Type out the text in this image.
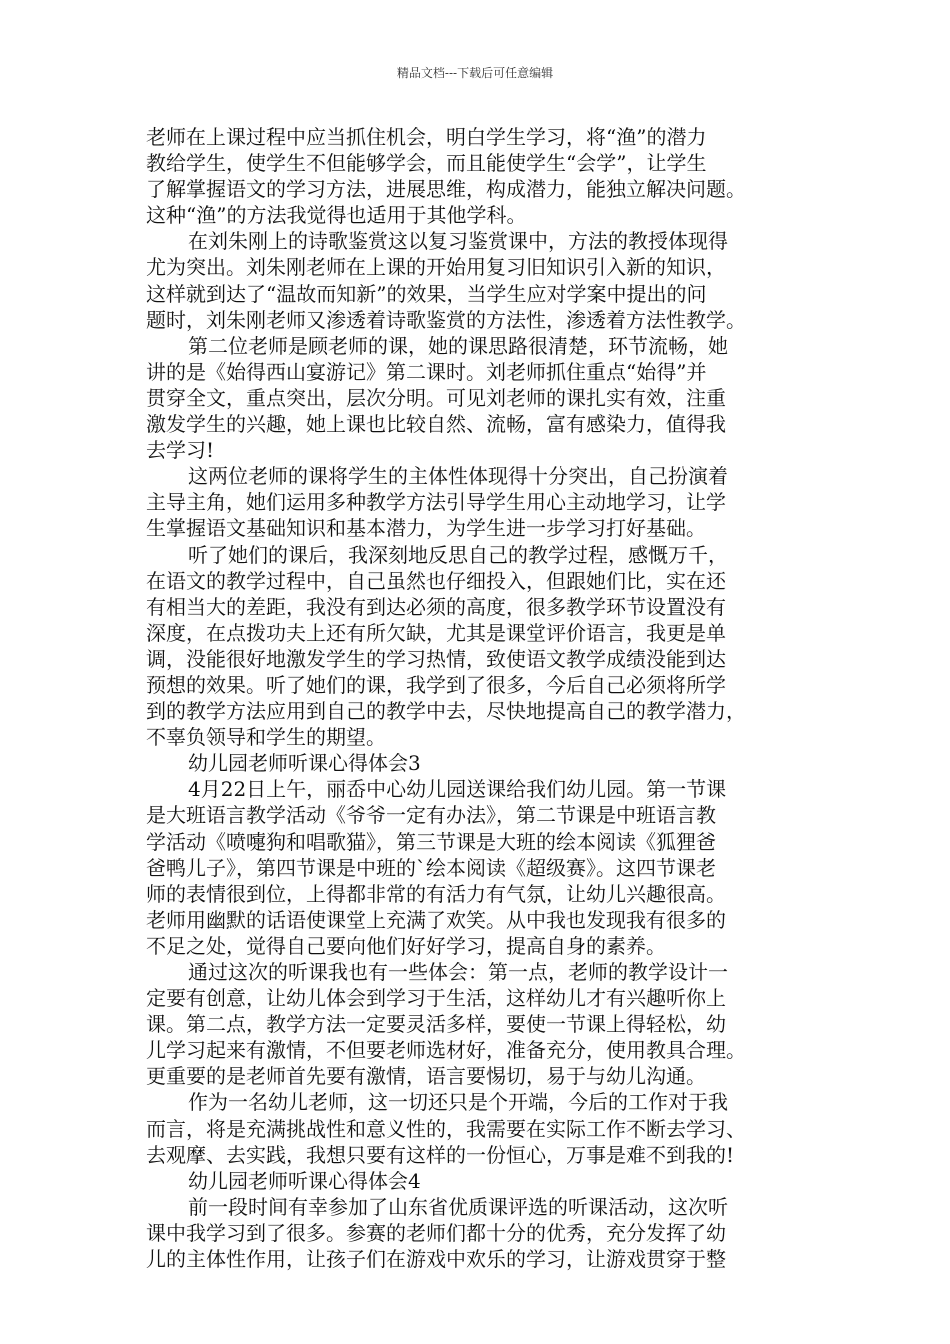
精品文档---下载后可任意编辑
老师在上课过程中应当抓住机会，明白学生学习，将“渔”的潜力
教给学生，使学生不但能够学会，而且能使学生“会学”，让学生
了解掌握语文的学习方法，进展思维，构成潜力，能独立解决问题。
这种“渔”的方法我觉得也适用于其他学科。
在刘朱刚上的诗歌鉴赏这以复习鉴赏课中，方法的教授体现得
尤为突出。刘朱刚老师在上课的开始用复习旧知识引入新的知识，
这样就到达了“温故而知新”的效果，当学生应对学案中提出的问
题时，刘朱刚老师又渗透着诗歌鉴赏的方法性，渗透着方法性教学。
第二位老师是顾老师的课，她的课思路很清楚，环节流畅，她
讲的是《始得西山宴游记》第二课时。刘老师抓住重点“始得”并
贯穿全文，重点突出，层次分明。可见刘老师的课扎实有效，注重
激发学生的兴趣，她上课也比较自然、流畅，富有感染力，值得我
去学习!
这两位老师的课将学生的主体性体现得十分突出，自己扮演着
主导主角，她们运用多种教学方法引导学生用心主动地学习，让学
生掌握语文基础知识和基本潜力，为学生进一步学习打好基础。
听了她们的课后，我深刻地反思自己的教学过程，感慨万千，
在语文的教学过程中，自己虽然也仔细投入，但跟她们比，实在还
有相当大的差距，我没有到达必须的高度，很多教学环节设置没有
深度，在点拨功夫上还有所欠缺，尤其是课堂评价语言，我更是单
调，没能很好地激发学生的学习热情，致使语文教学成绩没能到达
预想的效果。听了她们的课，我学到了很多，今后自己必须将所学
到的教学方法应用到自己的教学中去，尽快地提高自己的教学潜力，
不辜负领导和学生的期望。
幼儿园老师听课心得体会3
4月22日上午，丽岙中心幼儿园送课给我们幼儿园。第一节课
是大班语言教学活动《爷爷一定有办法》，第二节课是中班语言教
学活动《喷嚏狗和唱歌猫》，第三节课是大班的绘本阅读《狐狸爸
爸鸭儿子》，第四节课是中班的`绘本阅读《超级赛》。这四节课老
师的表情很到位，上得都非常的有活力有气氛，让幼儿兴趣很高。
老师用幽默的话语使课堂上充满了欢笑。从中我也发现我有很多的
不足之处，觉得自己要向他们好好学习，提高自身的素养。
通过这次的听课我也有一些体会：第一点，老师的教学设计一
定要有创意，让幼儿体会到学习于生活，这样幼儿才有兴趣听你上
课。第二点，教学方法一定要灵活多样，要使一节课上得轻松，幼
儿学习起来有激情，不但要老师选材好，准备充分，使用教具合理。
更重要的是老师首先要有激情，语言要惕切，易于与幼儿沟通。
作为一名幼儿老师，这一切还只是个开端，今后的工作对于我
而言，将是充满挑战性和意义性的，我需要在实际工作不断去学习、
去观摩、去实践，我想只要有这样的一份恒心，万事是难不到我的!
幼儿园老师听课心得体会4
前一段时间有幸参加了山东省优质课评选的听课活动，这次听
课中我学习到了很多。参赛的老师们都十分的优秀，充分发挥了幼
儿的主体性作用，让孩子们在游戏中欢乐的学习，让游戏贯穿于整
